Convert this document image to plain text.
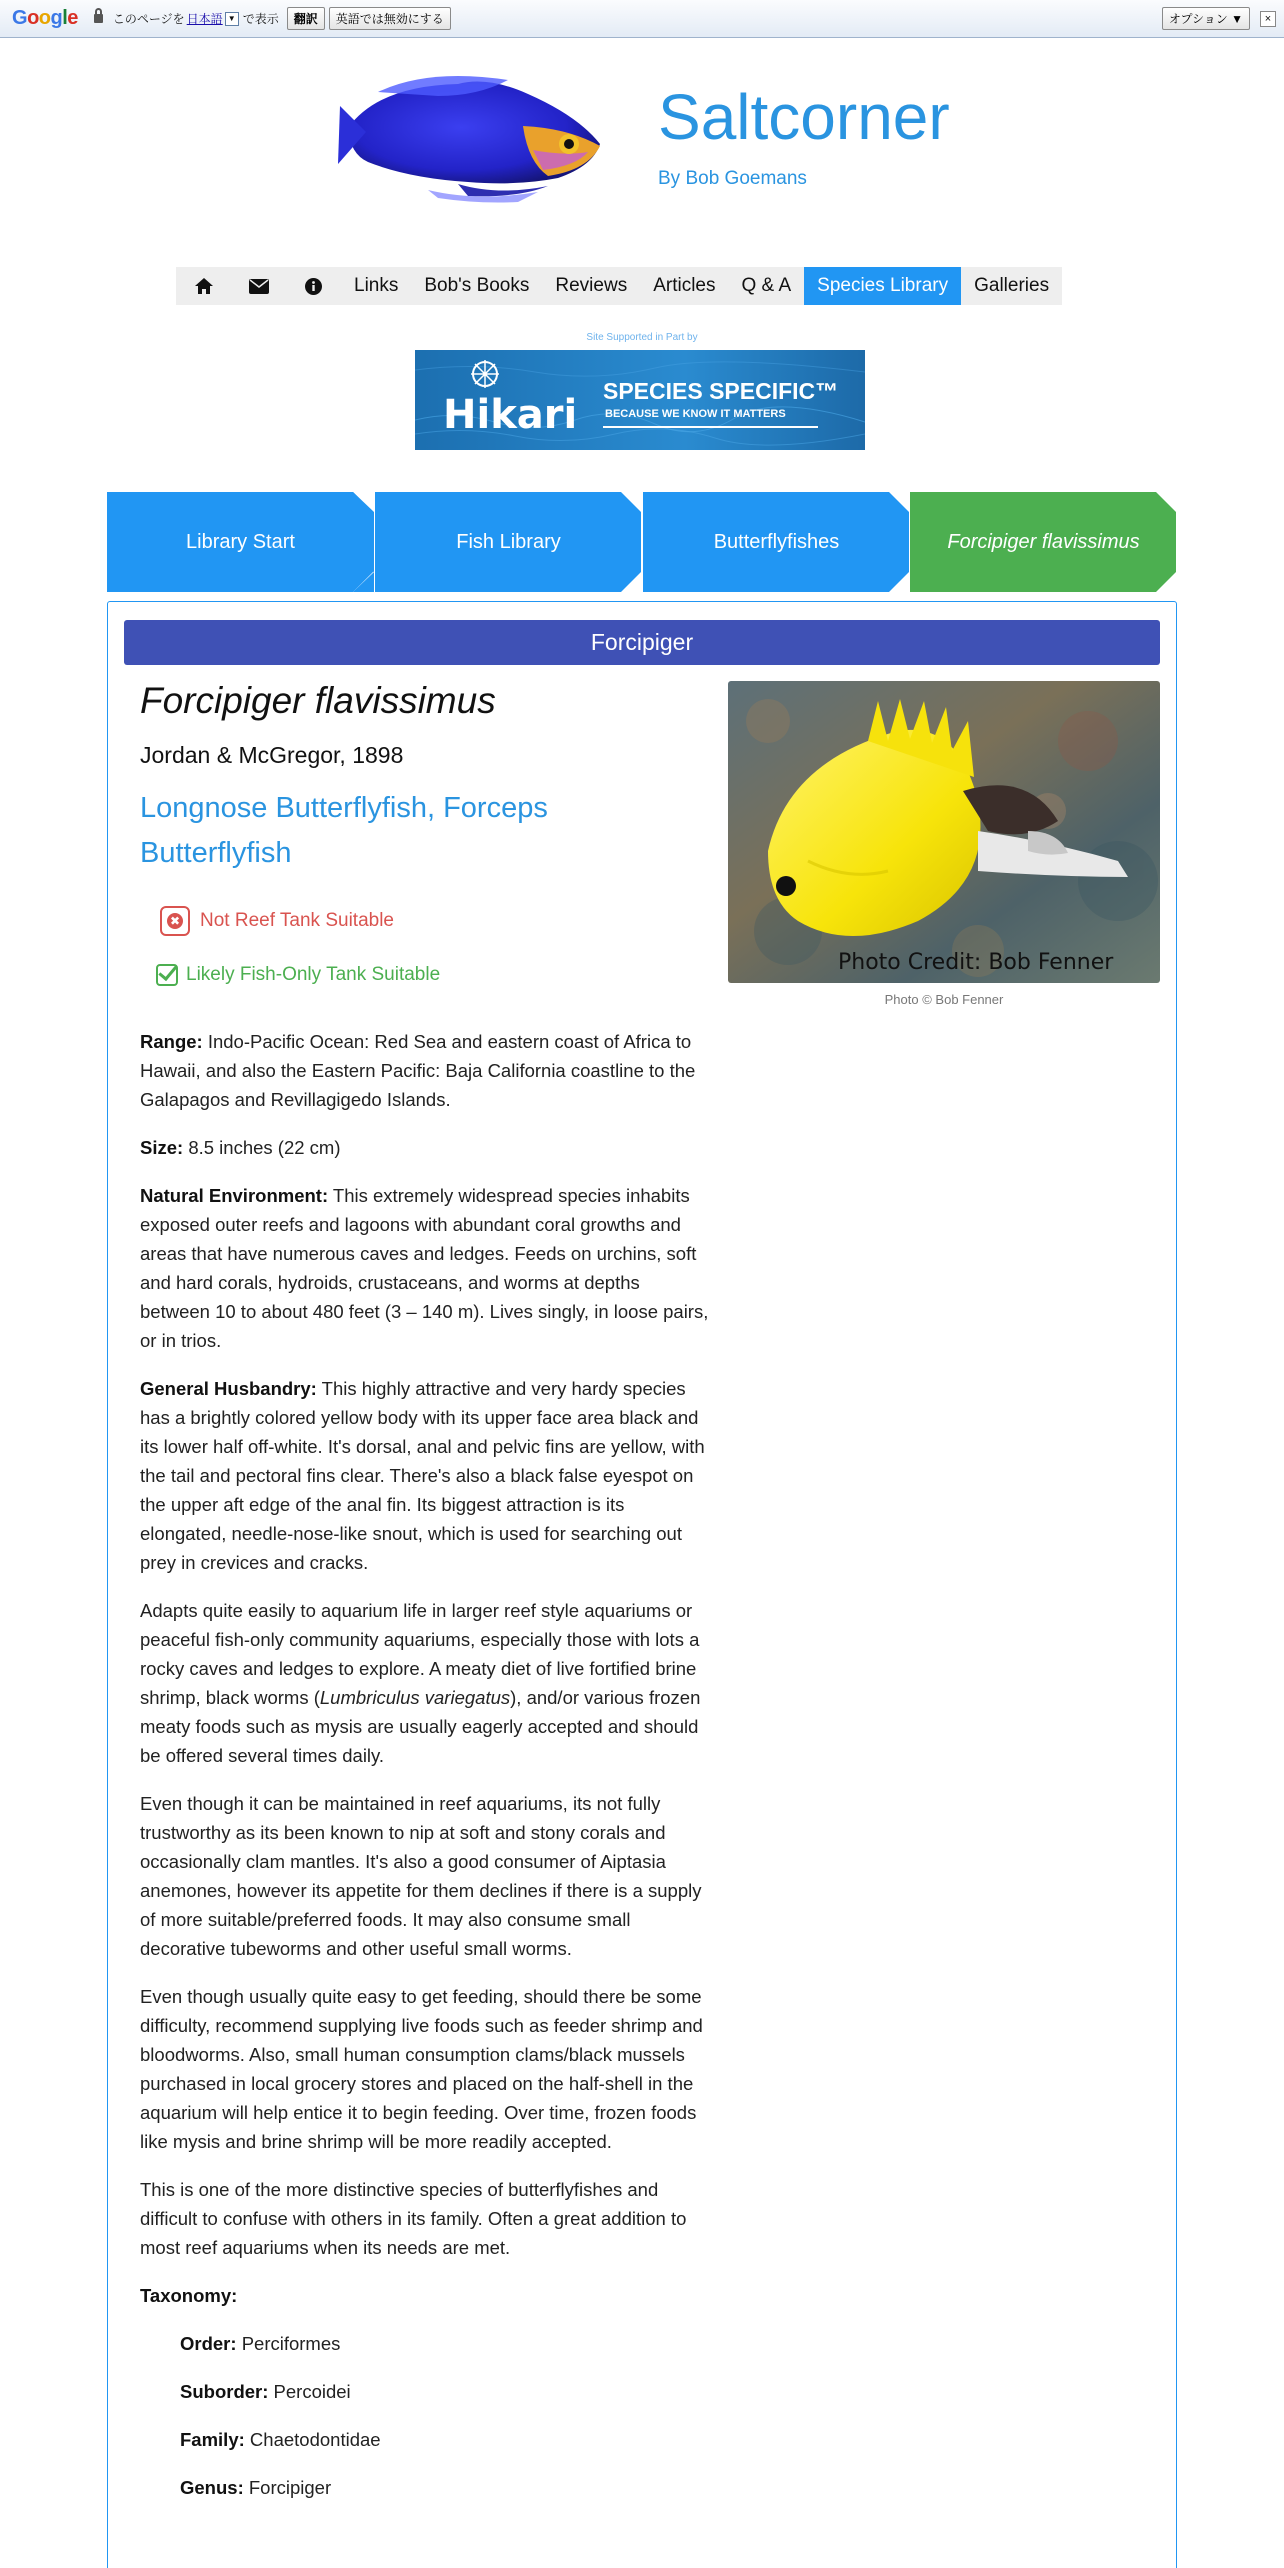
Google	このページを 日本語 ▼ で表示	翻訳	英語では無効にする	オプション ▼	×
Saltcorner
By Bob Goemans
Links	Bob's Books	Reviews	Articles	Q & A	Species Library	Galleries
Site Supported in Part by
Hikari
SPECIES SPECIFIC™
BECAUSE WE KNOW IT MATTERS
Library Start	Fish Library	Butterflyfishes	Forcipiger flavissimus
Forcipiger
Forcipiger flavissimus
Jordan & McGregor, 1898
Longnose Butterflyfish, Forceps Butterflyfish
✖ Not Reef Tank Suitable
Likely Fish-Only Tank Suitable	Photo Credit: Bob Fenner
Photo © Bob Fenner

Range: Indo-Pacific Ocean: Red Sea and eastern coast of Africa to Hawaii, and also the Eastern Pacific: Baja California coastline to the Galapagos and Revillagigedo Islands.

Size: 8.5 inches (22 cm)

Natural Environment: This extremely widespread species inhabits exposed outer reefs and lagoons with abundant coral growths and areas that have numerous caves and ledges. Feeds on urchins, soft and hard corals, hydroids, crustaceans, and worms at depths between 10 to about 480 feet (3 – 140 m). Lives singly, in loose pairs, or in trios.

General Husbandry: This highly attractive and very hardy species has a brightly colored yellow body with its upper face area black and its lower half off-white. It's dorsal, anal and pelvic fins are yellow, with the tail and pectoral fins clear. There's also a black false eyespot on the upper aft edge of the anal fin. Its biggest attraction is its elongated, needle-nose-like snout, which is used for searching out prey in crevices and cracks.

Adapts quite easily to aquarium life in larger reef style aquariums or peaceful fish-only community aquariums, especially those with lots a rocky caves and ledges to explore. A meaty diet of live fortified brine shrimp, black worms (Lumbriculus variegatus), and/or various frozen meaty foods such as mysis are usually eagerly accepted and should be offered several times daily.

Even though it can be maintained in reef aquariums, its not fully trustworthy as its been known to nip at soft and stony corals and occasionally clam mantles. It's also a good consumer of Aiptasia anemones, however its appetite for them declines if there is a supply of more suitable/preferred foods. It may also consume small decorative tubeworms and other useful small worms.

Even though usually quite easy to get feeding, should there be some difficulty, recommend supplying live foods such as feeder shrimp and bloodworms. Also, small human consumption clams/black mussels purchased in local grocery stores and placed on the half-shell in the aquarium will help entice it to begin feeding. Over time, frozen foods like mysis and brine shrimp will be more readily accepted.

This is one of the more distinctive species of butterflyfishes and difficult to confuse with others in its family. Often a great addition to most reef aquariums when its needs are met.

Taxonomy:

Order: Perciformes

Suborder: Percoidei

Family: Chaetodontidae

Genus: Forcipiger
